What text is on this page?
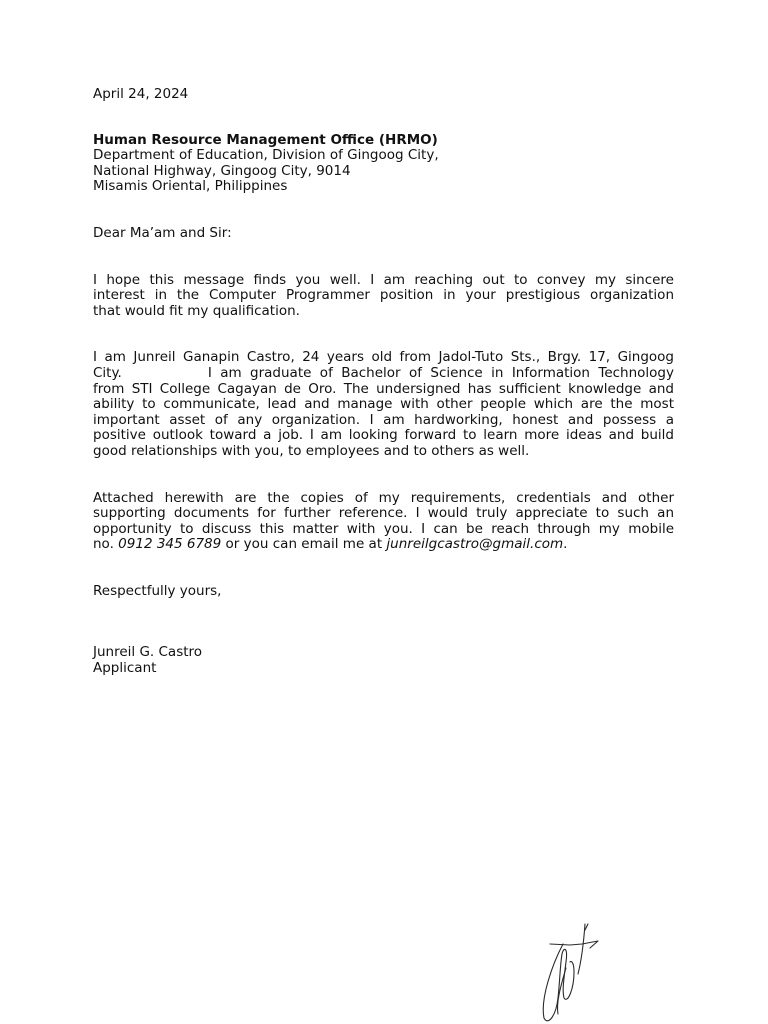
April 24, 2024

Human Resource Management Office (HRMO)
Department of Education, Division of Gingoog City,
National Highway, Gingoog City, 9014
Misamis Oriental, Philippines

Dear Ma’am and Sir:

I hope this message finds you well. I am reaching out to convey my sincere
interest in the Computer Programmer position in your prestigious organization
that would fit my qualification.
I am Junreil Ganapin Castro, 24 years old from Jadol-Tuto Sts., Brgy. 17, Gingoog
City.	I am graduate of Bachelor of Science in Information Technology
from STI College Cagayan de Oro. The undersigned has sufficient knowledge and
ability to communicate, lead and manage with other people which are the most
important asset of any organization. I am hardworking, honest and possess a
positive outlook toward a job. I am looking forward to learn more ideas and build
good relationships with you, to employees and to others as well.
Attached herewith are the copies of my requirements, credentials and other
supporting documents for further reference. I would truly appreciate to such an
opportunity to discuss this matter with you. I can be reach through my mobile
no. 0912 345 6789 or you can email me at junreilgcastro@gmail.com.

Respectfully yours,

Junreil G. Castro
Applicant
